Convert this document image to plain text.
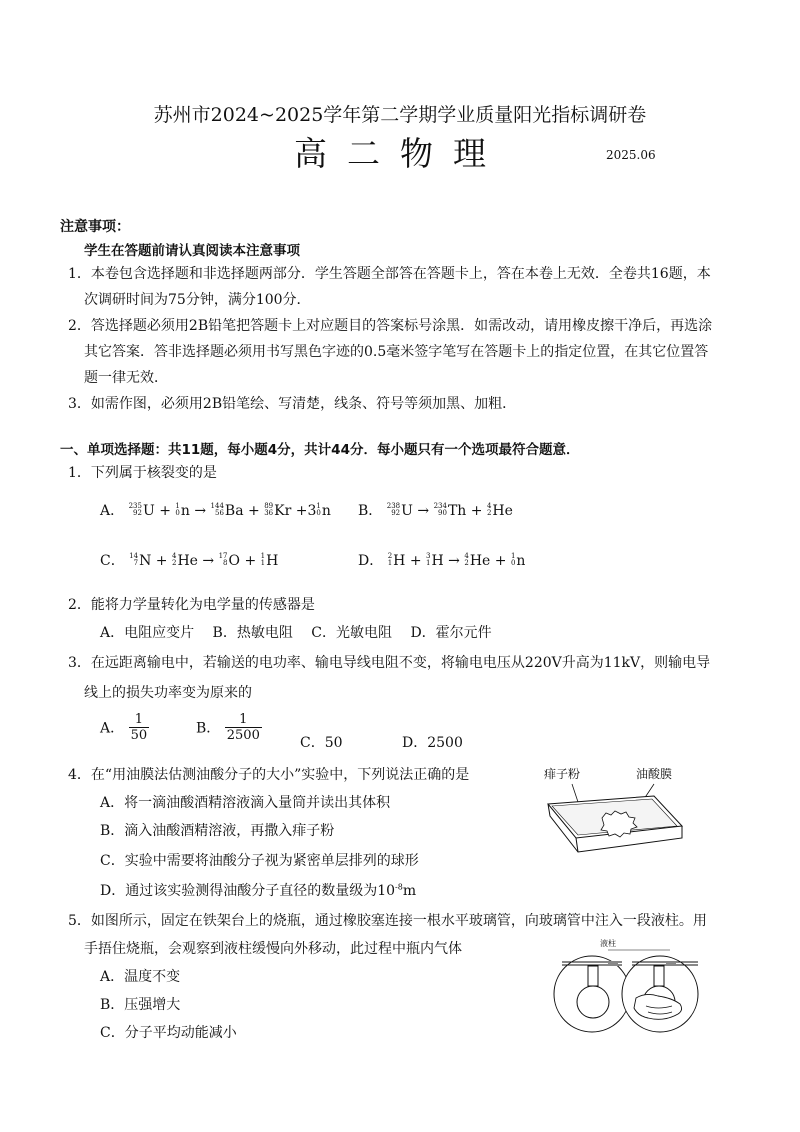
苏州市2024~2025学年第二学期学业质量阳光指标调研卷
高二物理	2025.06
注意事项：
学生在答题前请认真阅读本注意事项
1．本卷包含选择题和非选择题两部分．学生答题全部答在答题卡上，答在本卷上无效．全卷共16题，本
次调研时间为75分钟，满分100分．
2．答选择题必须用2B铅笔把答题卡上对应题目的答案标号涂黑．如需改动，请用橡皮擦干净后，再选涂
其它答案．答非选择题必须用书写黑色字迹的0.5毫米签字笔写在答题卡上的指定位置，在其它位置答
题一律无效．
3．如需作图，必须用2B铅笔绘、写清楚，线条、符号等须加黑、加粗．
一、单项选择题：共11题，每小题4分，共计44分．每小题只有一个选项最符合题意．
1．下列属于核裂变的是
A． 235
92 U + 1
0 n → 144
56 Ba + 89
36 Kr +3 1
0 n B． 238
92 U → 234
90 Th + 4
2 He
C． 14
7 N + 4
2 He → 17
8 O + 1
1 H	D． 2
1 H + 3
1 H → 4
2 He + 1
0 n
2．能将力学量转化为电学量的传感器是
A．电阻应变片　 B．热敏电阻　 C．光敏电阻　 D．霍尔元件
3．在远距离输电中，若输送的电功率、输电导线电阻不变，将输电电压从220V升高为11kV，则输电导
线上的损失功率变为原来的
A． $\frac{1}{50}$	B． $\frac{1}{2500}$	C．50	D．2500
4．在“用油膜法估测油酸分子的大小”实验中，下列说法正确的是
A．将一滴油酸酒精溶液滴入量筒并读出其体积
B．滴入油酸酒精溶液，再撒入痱子粉
C．实验中需要将油酸分子视为紧密单层排列的球形
D．通过该实验测得油酸分子直径的数量级为$10^{-8}m$
痱子粉	油酸膜
5．如图所示，固定在铁架台上的烧瓶，通过橡胶塞连接一根水平玻璃管，向玻璃管中注入一段液柱。用
手捂住烧瓶，会观察到液柱缓慢向外移动，此过程中瓶内气体
A．温度不变
B．压强增大
C．分子平均动能减小
液柱
